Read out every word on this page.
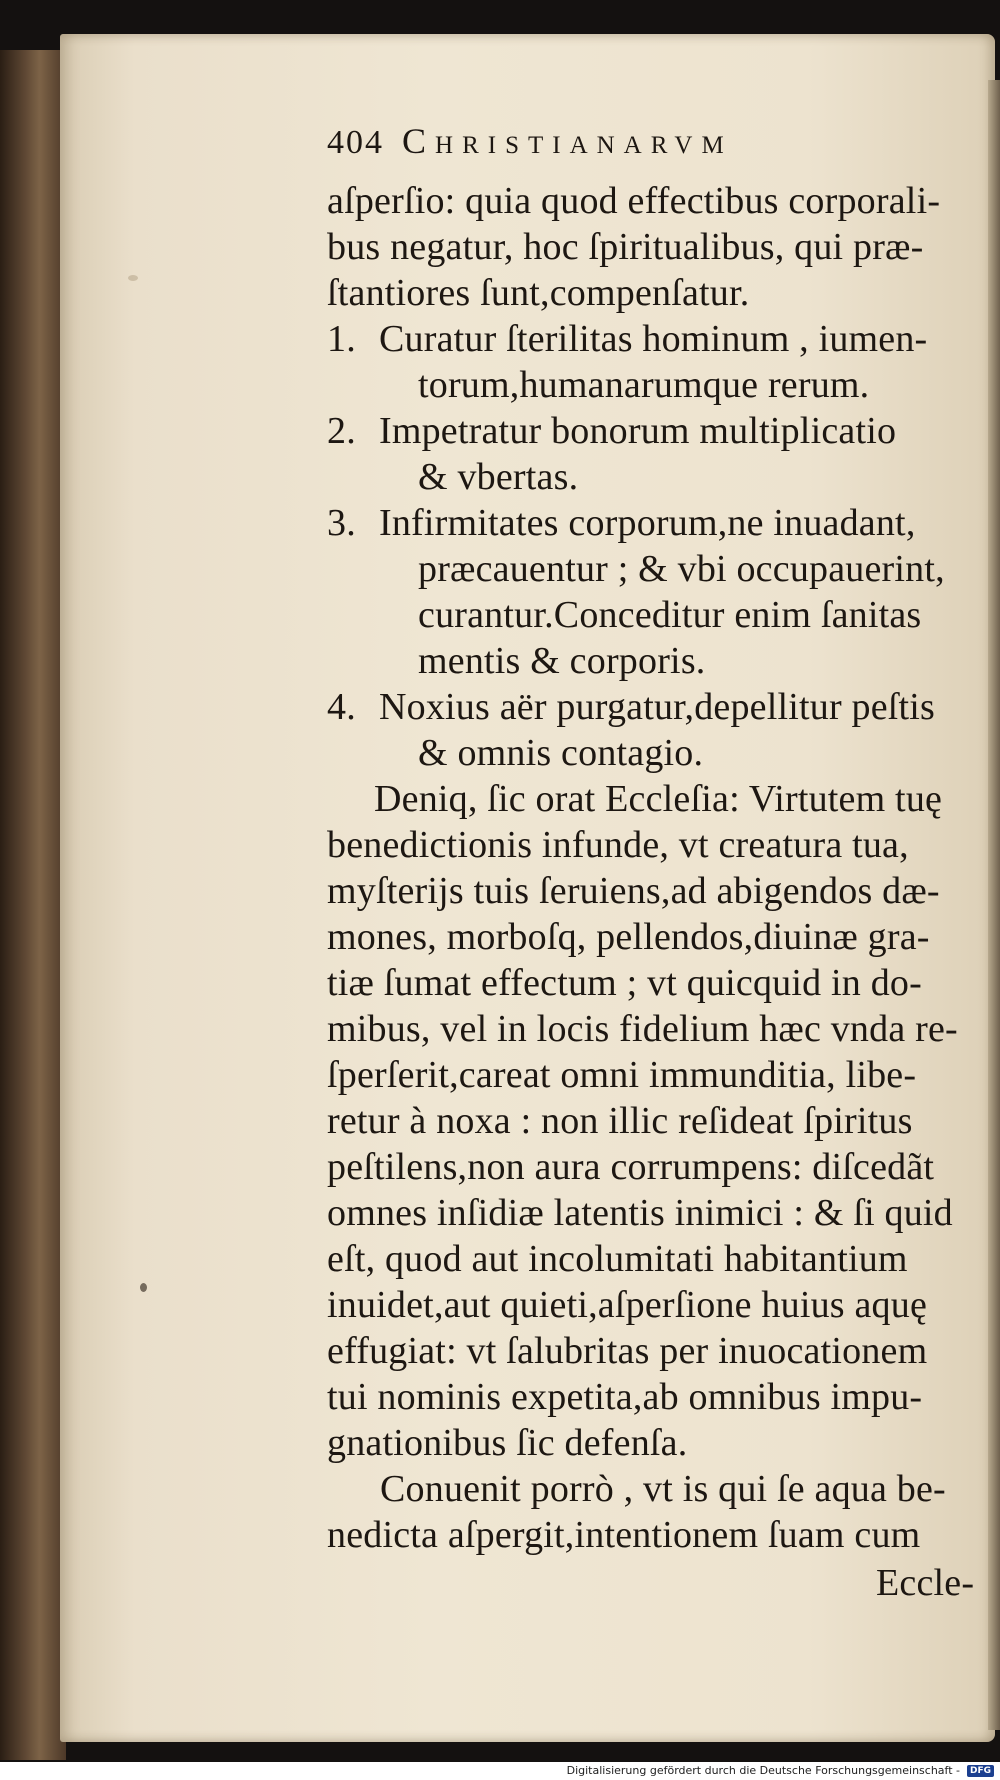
404 Christianarvm
aſperſio: quia quod effectibus corporali-
bus negatur, hoc ſpiritualibus, qui præ-
ſtantiores ſunt,compenſatur.
1. Curatur ſterilitas hominum , iumen-
torum,humanarumque rerum.
2. Impetratur bonorum multiplicatio
& vbertas.
3. Infirmitates corporum,ne inuadant,
præcauentur ; & vbi occupauerint,
curantur.Conceditur enim ſanitas
mentis & corporis.
4. Noxius aër purgatur,depellitur peſtis
& omnis contagio.
Deniq, ſic orat Eccleſia: Virtutem tuę
benedictionis infunde, vt creatura tua,
myſterijs tuis ſeruiens,ad abigendos dæ-
mones, morboſq, pellendos,diuinæ gra-
tiæ ſumat effectum ; vt quicquid in do-
mibus, vel in locis fidelium hæc vnda re-
ſperſerit,careat omni immunditia, libe-
retur à noxa : non illic reſideat ſpiritus
peſtilens,non aura corrumpens: diſcedãt
omnes inſidiæ latentis inimici : & ſi quid
eſt, quod aut incolumitati habitantium
inuidet,aut quieti,aſperſione huius aquę
effugiat: vt ſalubritas per inuocationem
tui nominis expetita,ab omnibus impu-
gnationibus ſic defenſa.
Conuenit porrò , vt is qui ſe aqua be-
nedicta aſpergit,intentionem ſuam cum
Eccle-
Digitalisierung gefördert durch die Deutsche Forschungsgemeinschaft -	DFG
